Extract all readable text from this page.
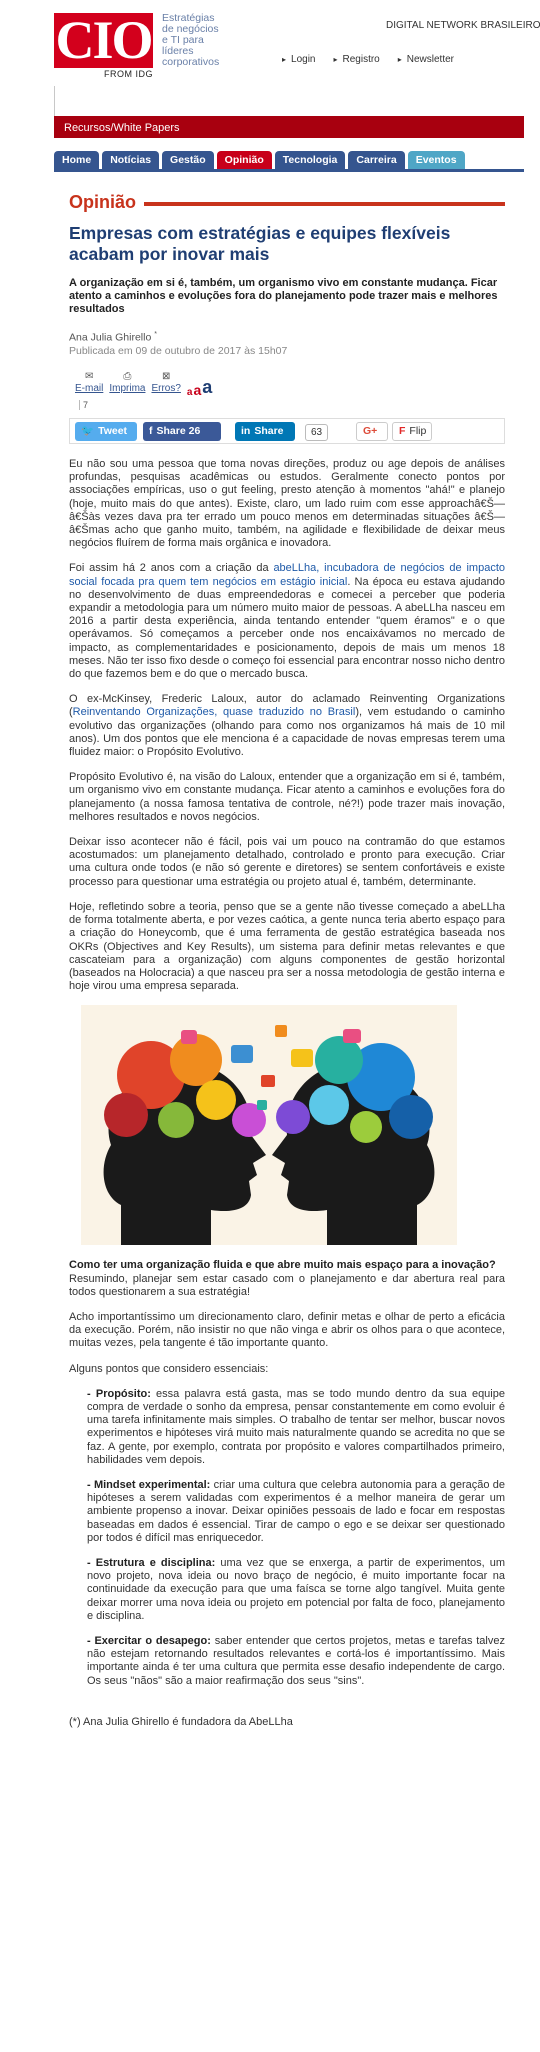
CIO
FROM IDG
Estratégias
de negócios
e TI para
líderes
corporativos
DIGITAL NETWORK BRASILEIRO
▸ Login ▸ Registro ▸ Newsletter
Recursos/White Papers
Home	Notícias	Gestão	Opinião	Tecnologia	Carreira	Eventos
Opinião
Empresas com estratégias e equipes flexíveis acabam por inovar mais
A organização em si é, também, um organismo vivo em constante mudança. Ficar atento a caminhos e evoluções fora do planejamento pode trazer mais e melhores resultados
Ana Julia Ghirello *
Publicada em 09 de outubro de 2017 às 15h07
✉
E-mail
⎙
Imprima
⊠
Erros? a a a
7
🐦 Tweet f Share 26	in Share	63	G+	F Flip

Eu não sou uma pessoa que toma novas direções, produz ou age depois de análises profundas, pesquisas acadêmicas ou estudos. Geralmente conecto pontos por associações empíricas, uso o gut feeling, presto atenção à momentos "ahá!" e planejo (hoje, muito mais do que antes). Existe, claro, um lado ruim com esse approachâ€Š—â€Šàs vezes dava pra ter errado um pouco menos em determinadas situações â€Š—â€Šmas acho que ganho muito, também, na agilidade e flexibilidade de deixar meus negócios fluírem de forma mais orgânica e inovadora.

Foi assim há 2 anos com a criação da abeLLha, incubadora de negócios de impacto social focada pra quem tem negócios em estágio inicial. Na época eu estava ajudando no desenvolvimento de duas empreendedoras e comecei a perceber que poderia expandir a metodologia para um número muito maior de pessoas. A abeLLha nasceu em 2016 a partir desta experiência, ainda tentando entender "quem éramos" e o que operávamos. Só começamos a perceber onde nos encaixávamos no mercado de impacto, as complementaridades e posicionamento, depois de mais um menos 18 meses. Não ter isso fixo desde o começo foi essencial para encontrar nosso nicho dentro do que fazemos bem e do que o mercado busca.

O ex-McKinsey, Frederic Laloux, autor do aclamado Reinventing Organizations (Reinventando Organizações, quase traduzido no Brasil), vem estudando o caminho evolutivo das organizações (olhando para como nos organizamos há mais de 10 mil anos). Um dos pontos que ele menciona é a capacidade de novas empresas terem uma fluidez maior: o Propósito Evolutivo.

Propósito Evolutivo é, na visão do Laloux, entender que a organização em si é, também, um organismo vivo em constante mudança. Ficar atento a caminhos e evoluções fora do planejamento (a nossa famosa tentativa de controle, né?!) pode trazer mais inovação, melhores resultados e novos negócios.

Deixar isso acontecer não é fácil, pois vai um pouco na contramão do que estamos acostumados: um planejamento detalhado, controlado e pronto para execução. Criar uma cultura onde todos (e não só gerente e diretores) se sentem confortáveis e existe processo para questionar uma estratégia ou projeto atual é, também, determinante.

Hoje, refletindo sobre a teoria, penso que se a gente não tivesse começado a abeLLha de forma totalmente aberta, e por vezes caótica, a gente nunca teria aberto espaço para a criação do Honeycomb, que é uma ferramenta de gestão estratégica baseada nos OKRs (Objectives and Key Results), um sistema para definir metas relevantes e que cascateiam para a organização) com alguns componentes de gestão horizontal (baseados na Holocracia) a que nasceu pra ser a nossa metodologia de gestão interna e hoje virou uma empresa separada.

Como ter uma organização fluida e que abre muito mais espaço para a inovação?

Resumindo, planejar sem estar casado com o planejamento e dar abertura real para todos questionarem a sua estratégia!

Acho importantíssimo um direcionamento claro, definir metas e olhar de perto a eficácia da execução. Porém, não insistir no que não vinga e abrir os olhos para o que acontece, muitas vezes, pela tangente é tão importante quanto.

Alguns pontos que considero essenciais:

- Propósito: essa palavra está gasta, mas se todo mundo dentro da sua equipe compra de verdade o sonho da empresa, pensar constantemente em como evoluir é uma tarefa infinitamente mais simples. O trabalho de tentar ser melhor, buscar novos experimentos e hipóteses virá muito mais naturalmente quando se acredita no que se faz. A gente, por exemplo, contrata por propósito e valores compartilhados primeiro, habilidades vem depois.

- Mindset experimental: criar uma cultura que celebra autonomia para a geração de hipóteses a serem validadas com experimentos é a melhor maneira de gerar um ambiente propenso a inovar. Deixar opiniões pessoais de lado e focar em respostas baseadas em dados é essencial. Tirar de campo o ego e se deixar ser questionado por todos é difícil mas enriquecedor.

- Estrutura e disciplina: uma vez que se enxerga, a partir de experimentos, um novo projeto, nova ideia ou novo braço de negócio, é muito importante focar na continuidade da execução para que uma faísca se torne algo tangível. Muita gente deixar morrer uma nova ideia ou projeto em potencial por falta de foco, planejamento e disciplina.

- Exercitar o desapego: saber entender que certos projetos, metas e tarefas talvez não estejam retornando resultados relevantes e cortá-los é importantíssimo. Mais importante ainda é ter uma cultura que permita esse desafio independente de cargo. Os seus "nãos" são a maior reafirmação dos seus "sins".

(*) Ana Julia Ghirello é fundadora da AbeLLha
